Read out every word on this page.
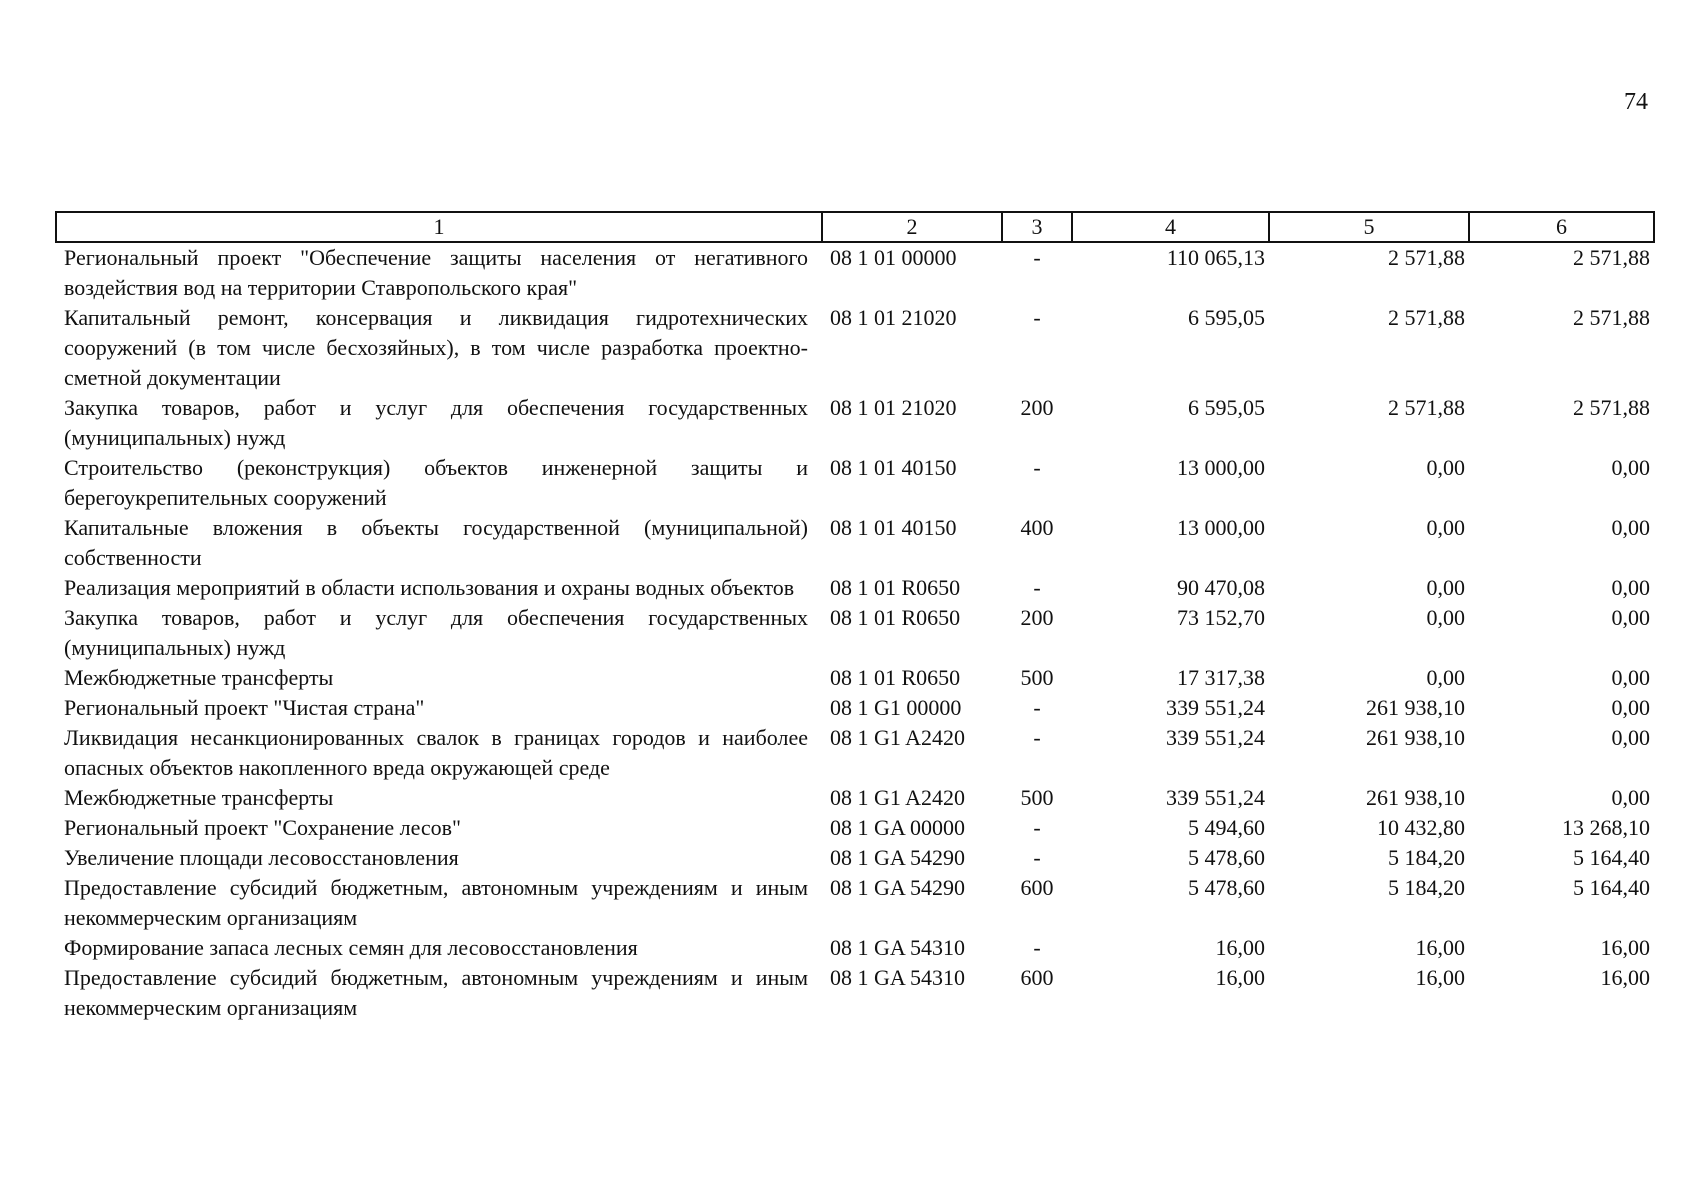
74
1	2	3	4	5	6
Региональный проект "Обеспечение защиты населения от негативного воздействия вод на территории Ставропольского края"	08 1 01 00000	-	110 065,13	2 571,88	2 571,88
Капитальный ремонт, консервация и ликвидация гидротехнических сооружений (в том числе бесхозяйных), в том числе разработка проектно-сметной документации	08 1 01 21020	-	6 595,05	2 571,88	2 571,88
Закупка товаров, работ и услуг для обеспечения государственных (муниципальных) нужд	08 1 01 21020	200	6 595,05	2 571,88	2 571,88
Строительство (реконструкция) объектов инженерной защиты и берегоукрепительных сооружений	08 1 01 40150	-	13 000,00	0,00	0,00
Капитальные вложения в объекты государственной (муниципальной) собственности	08 1 01 40150	400	13 000,00	0,00	0,00
Реализация мероприятий в области использования и охраны водных объектов	08 1 01 R0650	-	90 470,08	0,00	0,00
Закупка товаров, работ и услуг для обеспечения государственных (муниципальных) нужд	08 1 01 R0650	200	73 152,70	0,00	0,00
Межбюджетные трансферты	08 1 01 R0650	500	17 317,38	0,00	0,00
Региональный проект "Чистая страна"	08 1 G1 00000	-	339 551,24	261 938,10	0,00
Ликвидация несанкционированных свалок в границах городов и наиболее опасных объектов накопленного вреда окружающей среде	08 1 G1 A2420	-	339 551,24	261 938,10	0,00
Межбюджетные трансферты	08 1 G1 A2420	500	339 551,24	261 938,10	0,00
Региональный проект "Сохранение лесов"	08 1 GA 00000	-	5 494,60	10 432,80	13 268,10
Увеличение площади лесовосстановления	08 1 GA 54290	-	5 478,60	5 184,20	5 164,40
Предоставление субсидий бюджетным, автономным учреждениям и иным некоммерческим организациям	08 1 GA 54290	600	5 478,60	5 184,20	5 164,40
Формирование запаса лесных семян для лесовосстановления	08 1 GA 54310	-	16,00	16,00	16,00
Предоставление субсидий бюджетным, автономным учреждениям и иным некоммерческим организациям	08 1 GA 54310	600	16,00	16,00	16,00
